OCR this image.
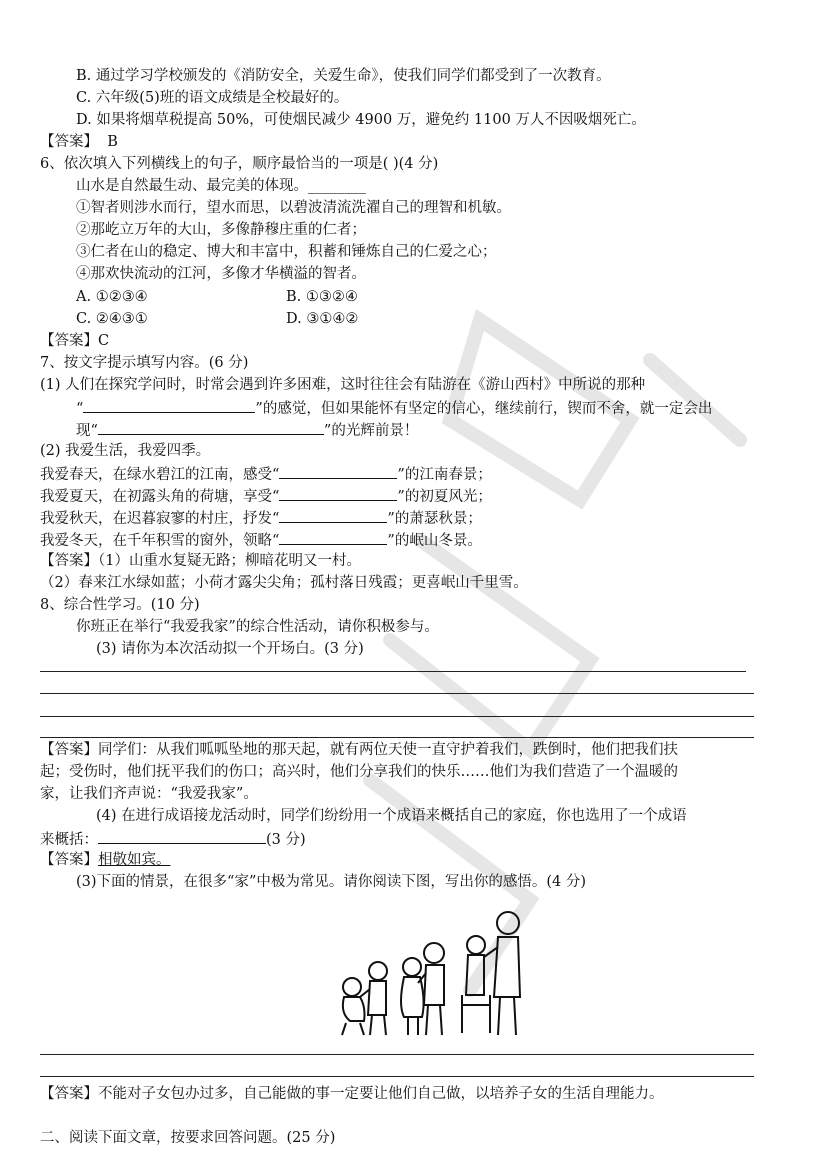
B. 通过学习学校颁发的《消防安全，关爱生命》，使我们同学们都受到了一次教育。
C. 六年级(5)班的语文成绩是全校最好的。
D. 如果将烟草税提高 50%，可使烟民减少 4900 万，避免约 1100 万人不因吸烟死亡。
【答案】 B
6、依次填入下列横线上的句子，顺序最恰当的一项是( )(4 分)
山水是自然最生动、最完美的体现。________
①智者则涉水而行，望水而思，以碧波清流洗濯自己的理智和机敏。
②那屹立万年的大山，多像静穆庄重的仁者；
③仁者在山的稳定、博大和丰富中，积蓄和锤炼自己的仁爱之心；
④那欢快流动的江河，多像才华横溢的智者。
A. ①②③④	B. ①③②④
C. ②④③①	D. ③①④②
【答案】C
7、按文字提示填写内容。(6 分)
(1) 人们在探究学问时，时常会遇到许多困难，这时往往会有陆游在《游山西村》中所说的那种
“	”的感觉，但如果能怀有坚定的信心，继续前行，锲而不舍，就一定会出
现“	”的光辉前景！
(2) 我爱生活，我爱四季。
我爱春天，在绿水碧江的江南，感受“	”的江南春景；
我爱夏天，在初露头角的荷塘，享受“	”的初夏风光；
我爱秋天，在迟暮寂寥的村庄，抒发“	”的萧瑟秋景；
我爱冬天，在千年积雪的窗外，领略“	”的岷山冬景。
【答案】（1）山重水复疑无路；柳暗花明又一村。
（2）春来江水绿如蓝；小荷才露尖尖角；孤村落日残霞；更喜岷山千里雪。
8、综合性学习。(10 分)
你班正在举行“我爱我家”的综合性活动，请你积极参与。
(3) 请你为本次活动拟一个开场白。(3 分)
【答案】同学们：从我们呱呱坠地的那天起，就有两位天使一直守护着我们，跌倒时，他们把我们扶
起；受伤时，他们抚平我们的伤口；高兴时，他们分享我们的快乐……他们为我们营造了一个温暖的
家，让我们齐声说：“我爱我家”。
(4) 在进行成语接龙活动时，同学们纷纷用一个成语来概括自己的家庭，你也选用了一个成语
来概括：	(3 分)
【答案】相敬如宾。
(3)下面的情景，在很多“家”中极为常见。请你阅读下图，写出你的感悟。(4 分)
【答案】不能对子女包办过多，自己能做的事一定要让他们自己做，以培养子女的生活自理能力。
二、阅读下面文章，按要求回答问题。(25 分)
